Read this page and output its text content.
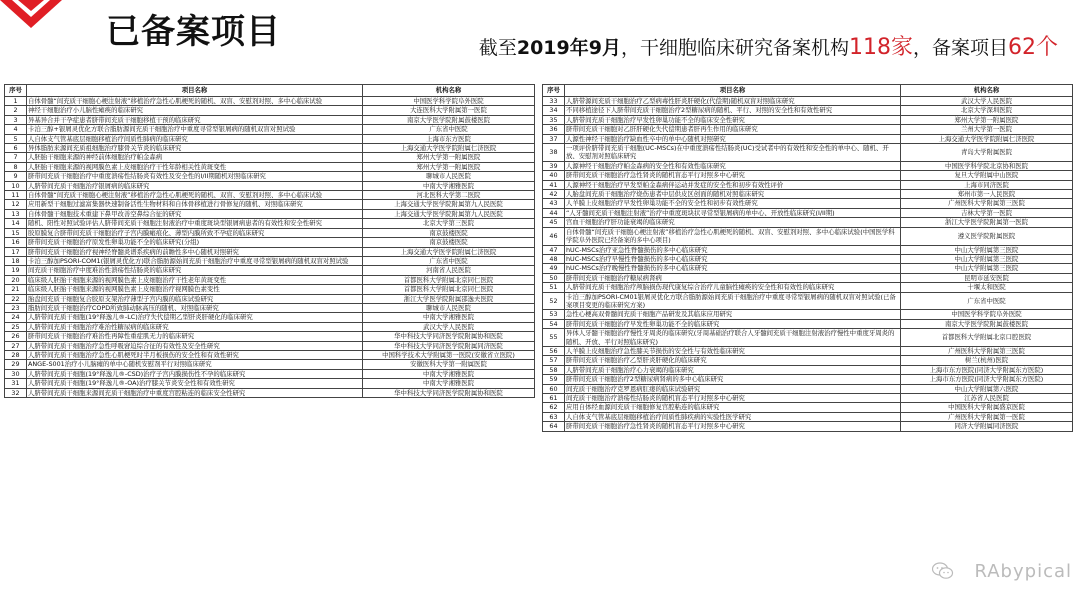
已备案项目	截至2019年9月，干细胞临床研究备案机构118家，备案项目62个
序号	项目名称	机构名称
1	自体骨髓“间充质干细胞心梗注射液”移植治疗急性心肌梗死的随机、双盲、安慰剂对照、多中心临床试验	中国医学科学院阜外医院
2	神经干细胞治疗小儿脑性瘫痪的临床研究	大连医科大学附属第一医院
3	异基异合并干孕症患者脐带间充质干细胞移植干预的临床研究	南京大学医学院附属鼓楼医院
4	卡泊三醇+银屑灵优化方联合脂肪源间充质干细胞治疗中重度寻常型银屑病的随机双盲对照试验	广东省中医院
5	人自体支气管基底层细胞移植治疗间质性肺病的临床研究	上海市东方医院
6	异体脂肪来源间充质祖细胞治疗膝骨关节炎的临床研究	上海交通大学医学院附属仁济医院
7	人胚胎干细胞来源的神经前体细胞治疗帕金森病	郑州大学第一附属医院
8	人胚胎干细胞来源的视网膜色素上皮细胞治疗干性年龄相关性黄斑变性	郑州大学第一附属医院
9	脐带间充质干细胞治疗中重度溃疡性结肠炎有效性及安全性的I/II期随机对照临床研究	聊城市人民医院
10	人脐带间充质干细胞治疗银屑病的临床研究	中南大学湘雅医院
11	自体骨髓“间充质干细胞心梗注射液”移植治疗急性心肌梗死的随机、双盲、安慰剂对照、多中心临床试验	河北医科大学第二医院
12	应用新型干细胞过滤富集器快速制备活性生物材料和自体骨移植进行骨修复的随机、对照临床研究	上海交通大学医学院附属第九人民医院
13	自体骨髓干细胞技术重建下鼻甲改善空鼻综合征的研究	上海交通大学医学院附属第九人民医院
14	随机、阳性对照试验评估人脐带间充质干细胞注射液治疗中重度斑块型银屑病患者的有效性和安全性研究	北京大学第三医院
15	胶原膜复合脐带间充质干细胞治疗子宫内膜瘢痕化、薄型内膜所致不孕症的临床研究	南京鼓楼医院
16	脐带间充质干细胞治疗原发性卵巢功能不全的临床研究(分组)	南京鼓楼医院
17	脐带间充质干细胞治疗视神经脊髓炎谱系疾病的前瞻性多中心随机对照研究	上海交通大学医学院附属仁济医院
18	卡泊三醇加PSORI-COM1(银屑灵优化方)联合脂肪源始间充质干细胞治疗中重度寻常型银屑病的随机双盲对照试验	广东省中医院
19	间充质干细胞治疗中度难治性溃疡性结肠炎的临床研究	河南省人民医院
20	临床级人胚胎干细胞来源的视网膜色素上皮细胞治疗干性老年黄斑变性	首都医科大学附属北京同仁医院
21	临床级人胚胎干细胞来源的视网膜色素上皮细胞治疗视网膜色素变性	首都医科大学附属北京同仁医院
22	胎盘间充质干细胞复合胶原支架治疗薄型子宫内膜的临床试验研究	浙江大学医学院附属邵逸夫医院
23	脂肪间充质干细胞治疗COPD所致肺动脉高压的随机、对照临床研究	聊城市人民医院
24	人脐带间充质干细胞(19°释逸儿®-LC)治疗失代偿期乙型肝炎肝硬化的临床研究	中南大学湘雅医院
25	人脐带间充质干细胞治疗难治性糖尿病的临床研究	武汉大学人民医院
26	脐带间充质干细胞治疗难治性再障性重症肌无力的临床研究	华中科技大学同济医学院附属协和医院
27	人脐带间充质干细胞治疗急性呼吸窘迫综合征的有效性及安全性研究	华中科技大学同济医学院附属同济医院
28	人脐带间充质干细胞治疗急性心肌梗死时半月板损伤的安全性和有效性研究	中国科学技术大学附属第一医院(安徽省立医院)
29	ANGE-S001治疗小儿脑瘫的单中心随机安慰剂平行对照临床研究	安徽医科大学第一附属医院
30	人脐带间充质干细胞(19°释逸儿®-CSD)治疗子宫内膜损伤性不孕的临床研究	中南大学湘雅医院
31	人脐带间充质干细胞(19°释逸儿®-OA)治疗膝关节炎安全性和有效性研究	中南大学湘雅医院
32	人脐带间充质干细胞来源间充质干细胞治疗中重度宫腔粘连的临床安全性研究	华中科技大学同济医学院附属协和医院
序号	项目名称	机构名称
33	人脐带源间充质干细胞治疗乙型病毒性肝炎肝硬化(代偿期)随机双盲对照临床研究	武汉大学人民医院
34	不同移植途径下人脐带间充质干细胞治疗2型糖尿病的随机、平行、对照的安全性和有效性研究	北京大学深圳医院
35	人脐带间充质干细胞治疗早发性卵巢功能不全的临床安全性研究	郑州大学第一附属医院
36	脐带间充质干细胞对乙肝肝硬化失代偿期患者肝再生作用的临床研究	兰州大学第一医院
37	人源性神经干细胞治疗缺血性卒中的单中心随机对照研究	上海交通大学医学院附属仁济医院
38	一项评价脐带间充质干细胞(UC-MSCs)在中重度溃疡性结肠炎(UC)受试者中的有效性和安全性的单中心、随机、开放、安慰剂对照临床研究	青岛大学附属医院
39	人源神经干细胞治疗帕金森病的安全性和有效性临床研究	中国医学科学院北京协和医院
40	脐带间充质干细胞治疗急性肾炎的随机盲态平行对照多中心研究	复旦大学附属中山医院
41	人源神经干细胞治疗早发型帕金森病伴运动并发症的安全性和初步有效性评价	上海市同济医院
42	人胎盘间充质干细胞治疗烧伤患者中层供皮区创面的随机对照临床研究	郑州市第一人民医院
43	人羊膜上皮细胞治疗早发性卵巢功能不全的安全性和初步有效性研究	广州医科大学附属第三医院
44	“人牙髓间充质干细胞注射液”治疗中重度斑块状寻常型银屑病的单中心、开放性临床研究(I/II期)	吉林大学第一医院
45	宫血干细胞治疗肝功能衰竭的临床研究	浙江大学医学院附属第一医院
46	自体骨髓“间充质干细胞心梗注射液”移植治疗急性心肌梗死的随机、双盲、安慰剂对照、多中心临床试验(中国医学科学院阜外医院已经备案的多中心项目)	遵义医学院附属医院
47	hUC-MSCs治疗亚急性脊髓损伤的多中心临床研究	中山大学附属第三医院
48	hUC-MSCs治疗早慢性脊髓损伤的多中心临床研究	中山大学附属第三医院
49	hUC-MSCs治疗晚慢性脊髓损伤的多中心临床研究	中山大学附属第三医院
50	脐带间充质干细胞治疗糖尿病肾病	昆明市延安医院
51	人脐带间充质干细胞治疗颅脑损伤现代康复综合治疗儿童脑性瘫痪的安全性和有效性的临床研究	十堰太和医院
52	卡泊三醇加PSORI-CM01银屑灵优化方联合脂肪源始间充质干细胞治疗中重度寻常型银屑病的随机双盲对照试验(已备案项目变更的临床研究方案)	广东省中医院
53	急性心梗高双骨髓间充质干细胞产品研发及其临床应用研究	中国医学科学院阜外医院
54	脐带间充质干细胞治疗早发性卵巢功能不全的临床研究	南京大学医学院附属鼓楼医院
55	异体人牙髓干细胞治疗慢性牙周炎的临床研究(牙周基础治疗联合人牙髓间充质干细胞注射液治疗慢性中重度牙周炎的随机、开放、平行对照临床研究)	首都医科大学附属北京口腔医院
56	人羊膜上皮细胞治疗急性膝关节损伤的安全性与有效性临床研究	广州医科大学附属第三医院
57	脐带间充质干细胞治疗乙型肝炎肝硬化的临床研究	树兰(杭州)医院
58	人脐带间充质干细胞治疗心力衰竭的临床研究	上海市东方医院(同济大学附属东方医院)
59	脐带间充质干细胞治疗2型糖尿病肾病的多中心临床研究	上海市东方医院(同济大学附属东方医院)
60	间充质干细胞治疗克罗恩病肛瘘的临床试验研究	中山大学附属第六医院
61	间充质干细胞治疗溃疡性结肠炎的随机盲态平行对照多中心研究	江苏省人民医院
62	应用自体经血源间充质干细胞修复宫腔粘连的临床研究	中国医科大学附属盛京医院
63	人自体支气管基底层细胞移植治疗间质性肺疾病的实验性医学研究	广州医科大学附属第一医院
64	脐带间充质干细胞治疗急性肾炎的随机盲态平行对照多中心研究	同济大学附属同济医院
RAbypical
